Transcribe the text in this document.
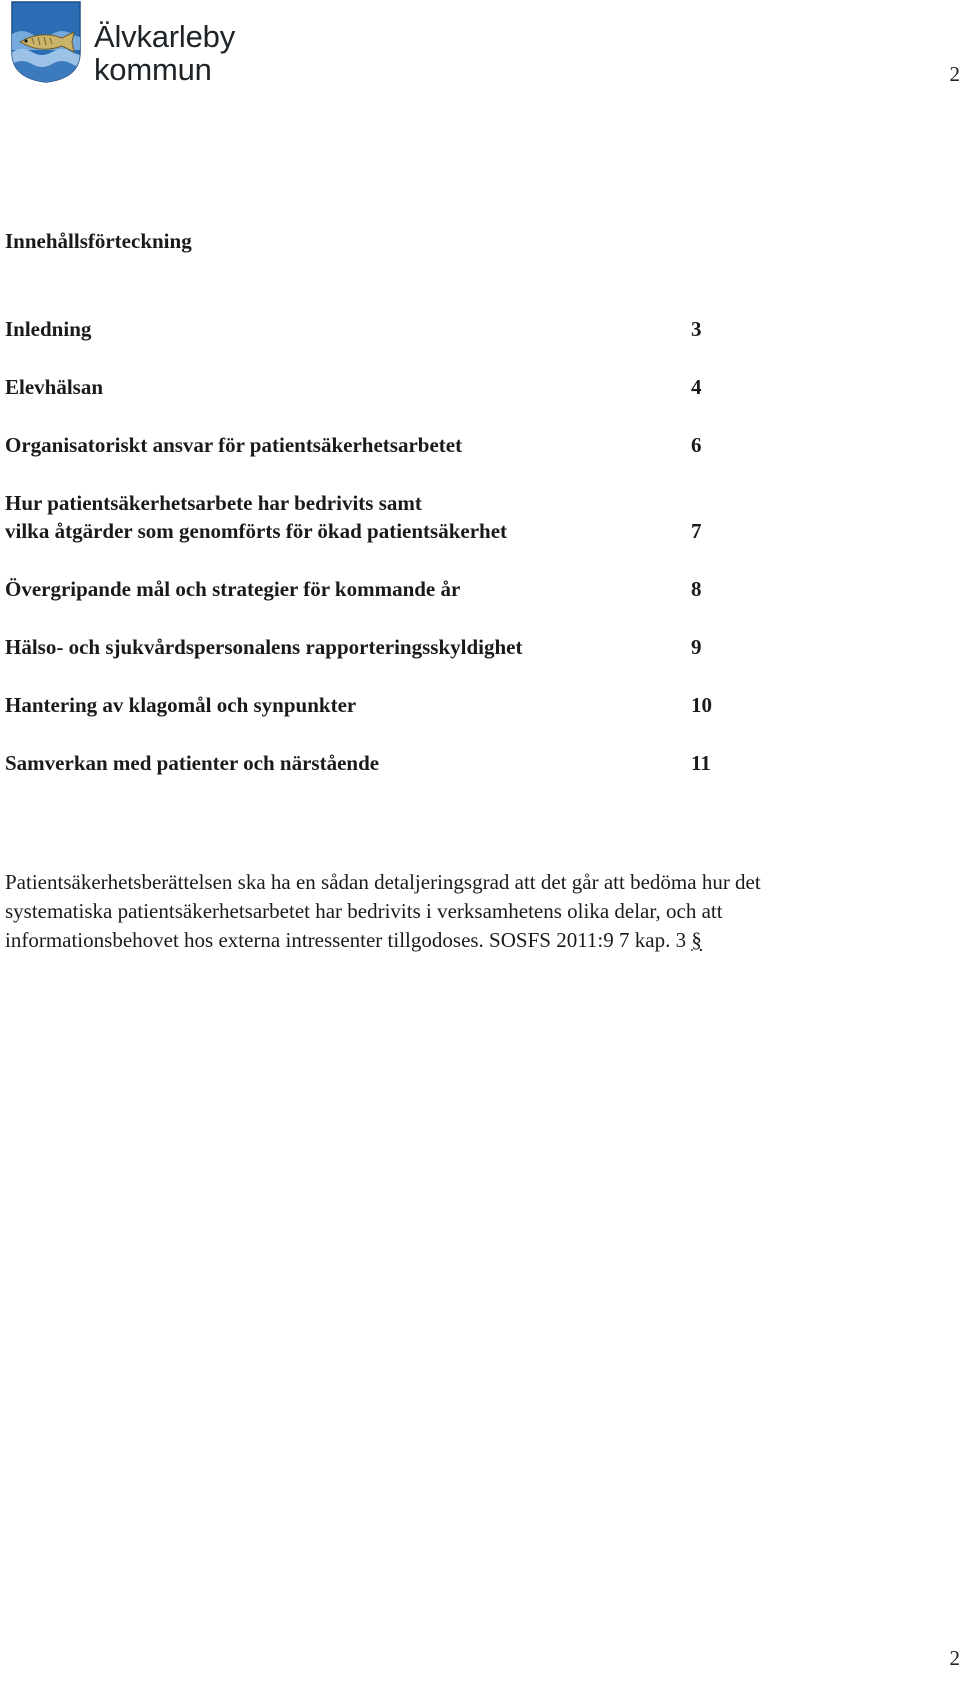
Älvkarleby
kommun	2
Innehållsförteckning
Inledning	3
Elevhälsan	4
Organisatoriskt ansvar för patientsäkerhetsarbetet	6
Hur patientsäkerhetsarbete har bedrivits samt
vilka åtgärder som genomförts för ökad patientsäkerhet	7
Övergripande mål och strategier för kommande år	8
Hälso- och sjukvårdspersonalens rapporteringsskyldighet	9
Hantering av klagomål och synpunkter	10
Samverkan med patienter och närstående	11
Patientsäkerhetsberättelsen ska ha en sådan detaljeringsgrad att det går att bedöma hur det
systematiska patientsäkerhetsarbetet har bedrivits i verksamhetens olika delar, och att
informationsbehovet hos externa intressenter tillgodoses. SOSFS 2011:9 7 kap. 3 §
2
